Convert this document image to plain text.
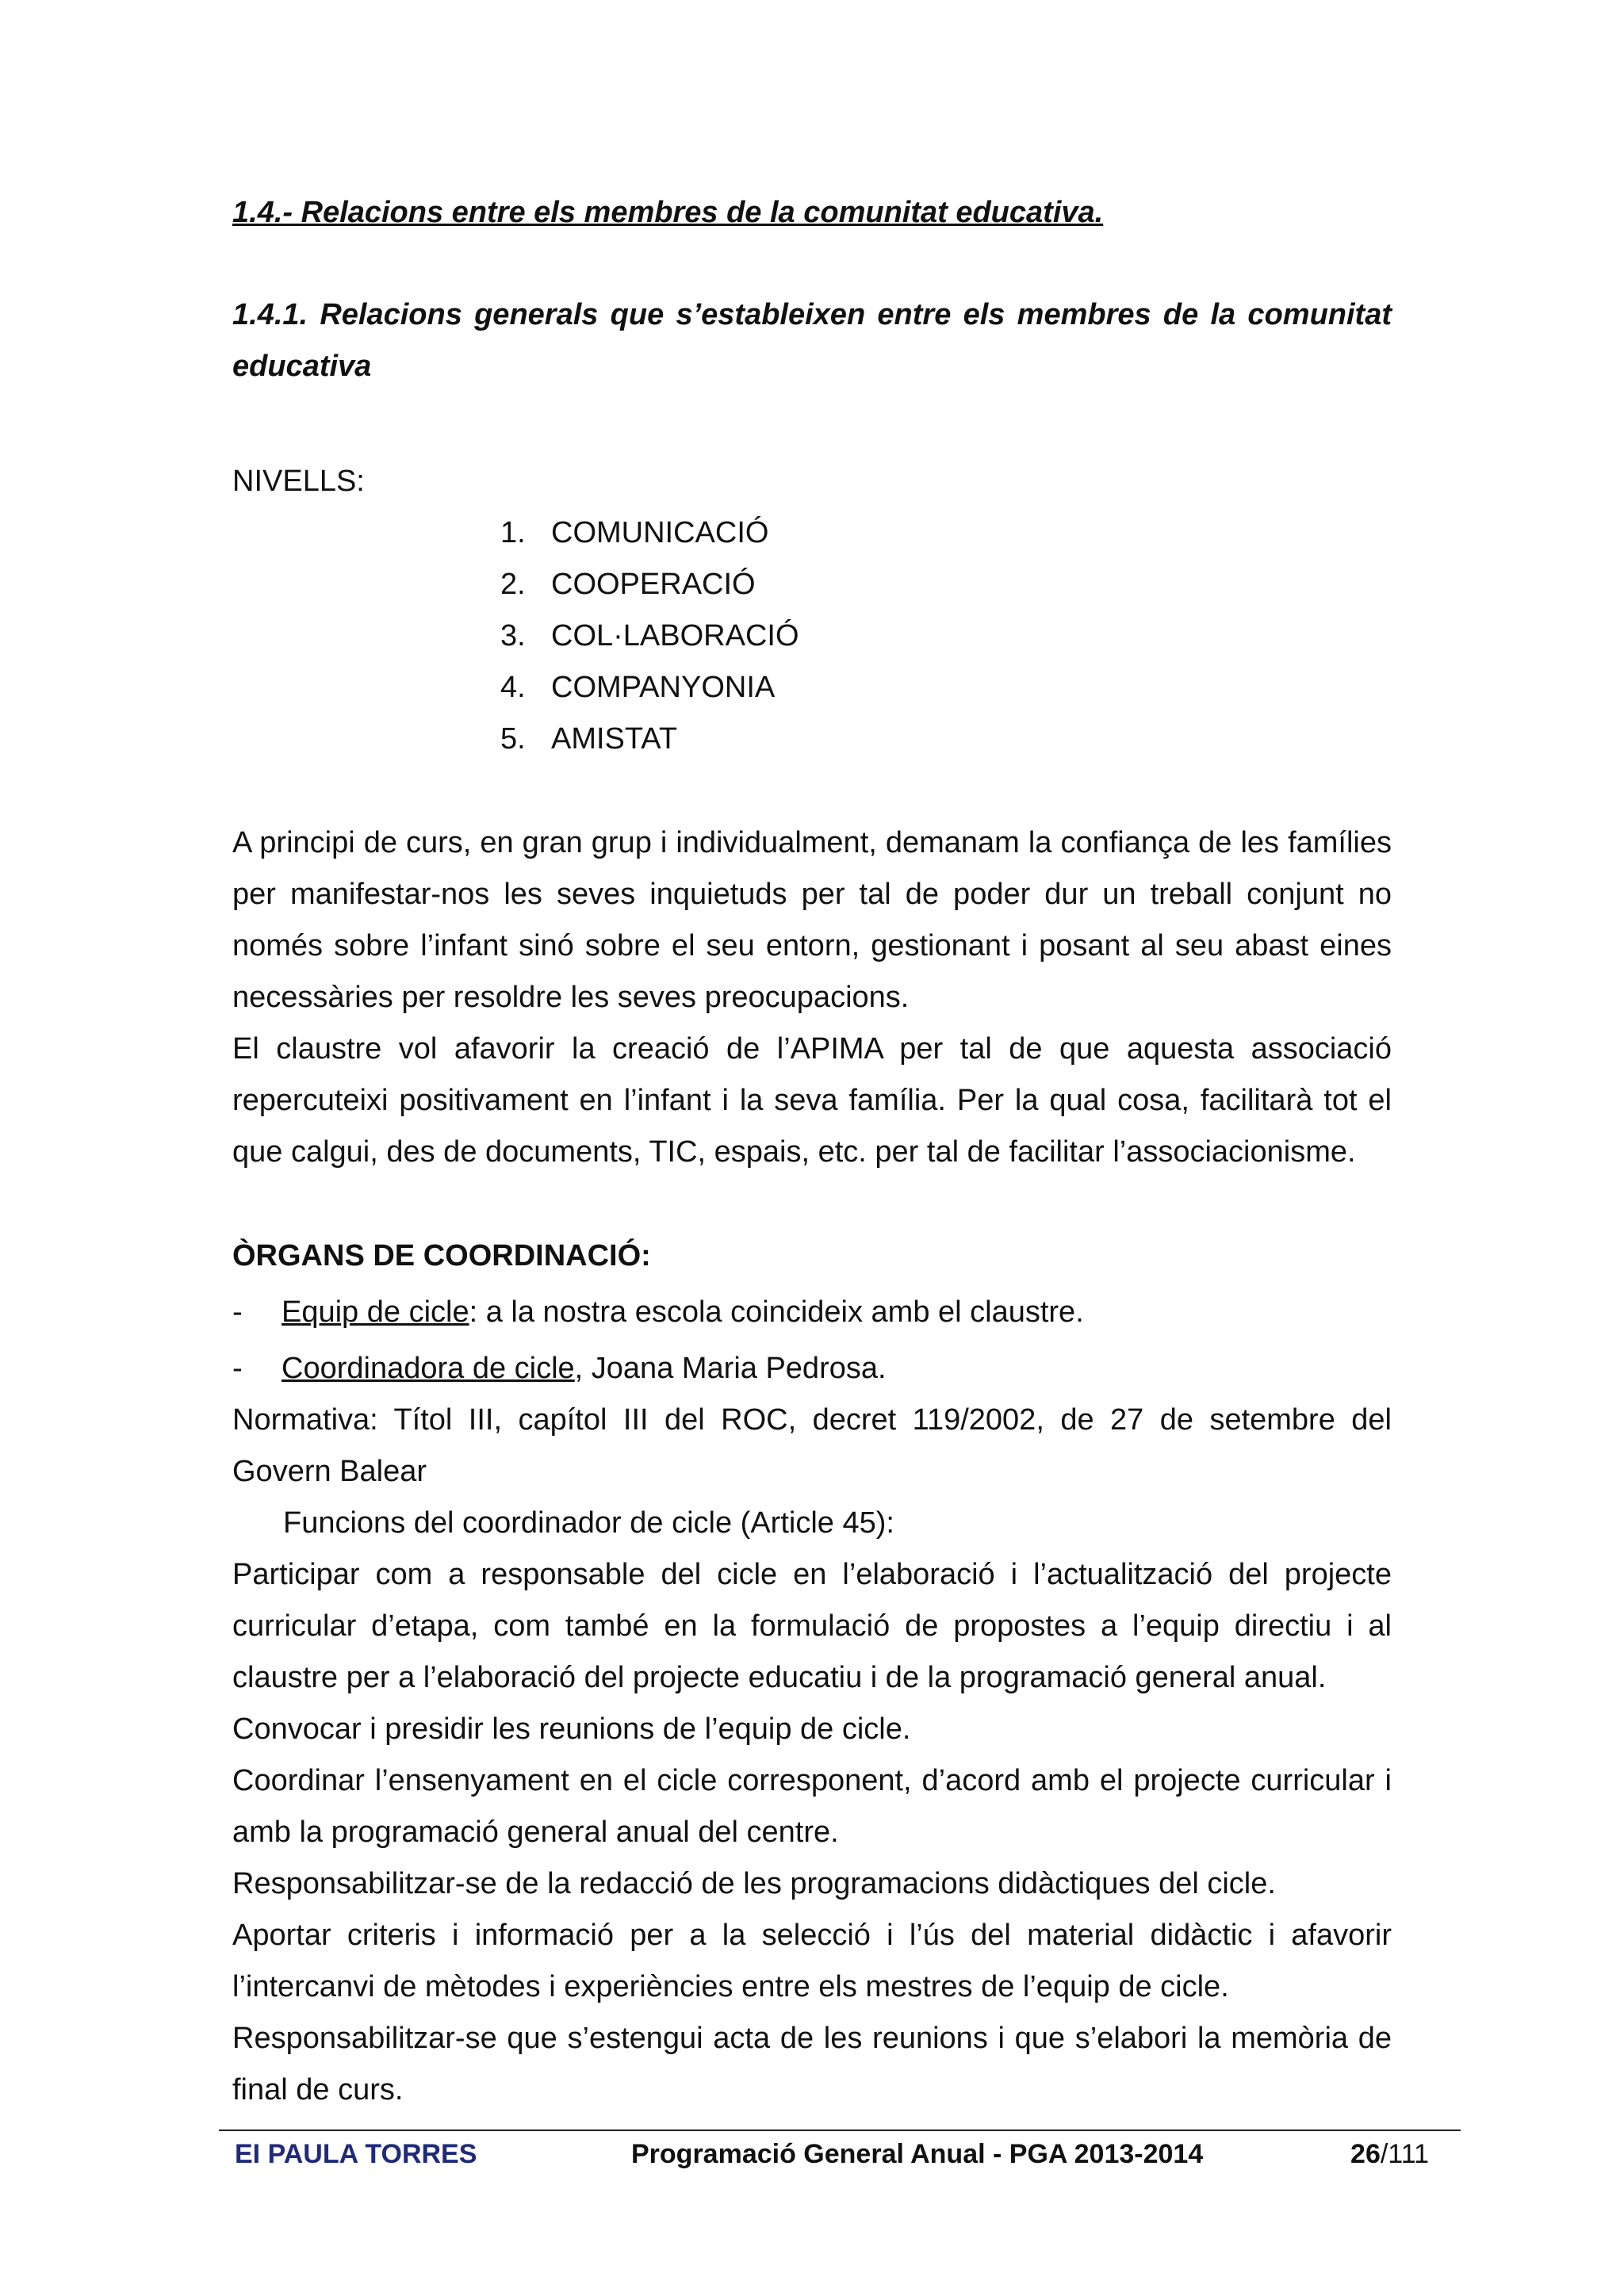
1.4.- Relacions entre els membres de la comunitat educativa.

1.4.1. Relacions generals que s’estableixen entre els membres de la comunitat educativa

NIVELLS:

1. COMUNICACIÓ
2. COOPERACIÓ
3. COL·LABORACIÓ
4. COMPANYONIA
5. AMISTAT

A principi de curs, en gran grup i individualment, demanam la confiança de les famílies per manifestar-nos les seves inquietuds per tal de poder dur un treball conjunt no només sobre l’infant sinó sobre el seu entorn, gestionant i posant al seu abast eines necessàries per resoldre les seves preocupacions.

El claustre vol afavorir la creació de l’APIMA per tal de que aquesta associació repercuteixi positivament en l’infant i la seva família. Per la qual cosa, facilitarà tot el que calgui, des de documents, TIC, espais, etc. per tal de facilitar l’associacionisme.

ÒRGANS DE COORDINACIÓ:

-	Equip de cicle: a la nostra escola coincideix amb el claustre.
-	Coordinadora de cicle, Joana Maria Pedrosa.

Normativa: Títol III, capítol III del ROC, decret 119/2002, de 27 de setembre del Govern Balear

Funcions del coordinador de cicle (Article 45):

Participar com a responsable del cicle en l’elaboració i l’actualització del projecte curricular d’etapa, com també en la formulació de propostes a l’equip directiu i al claustre per a l’elaboració del projecte educatiu i de la programació general anual.

Convocar i presidir les reunions de l’equip de cicle.

Coordinar l’ensenyament en el cicle corresponent, d’acord amb el projecte curricular i amb la programació general anual del centre.

Responsabilitzar-se de la redacció de les programacions didàctiques del cicle.

Aportar criteris i informació per a la selecció i l’ús del material didàctic i afavorir l’intercanvi de mètodes i experiències entre els mestres de l’equip de cicle.

Responsabilitzar-se que s’estengui acta de les reunions i que s’elabori la memòria de final de curs.

EI PAULA TORRES	Programació General Anual - PGA 2013-2014	26/111
